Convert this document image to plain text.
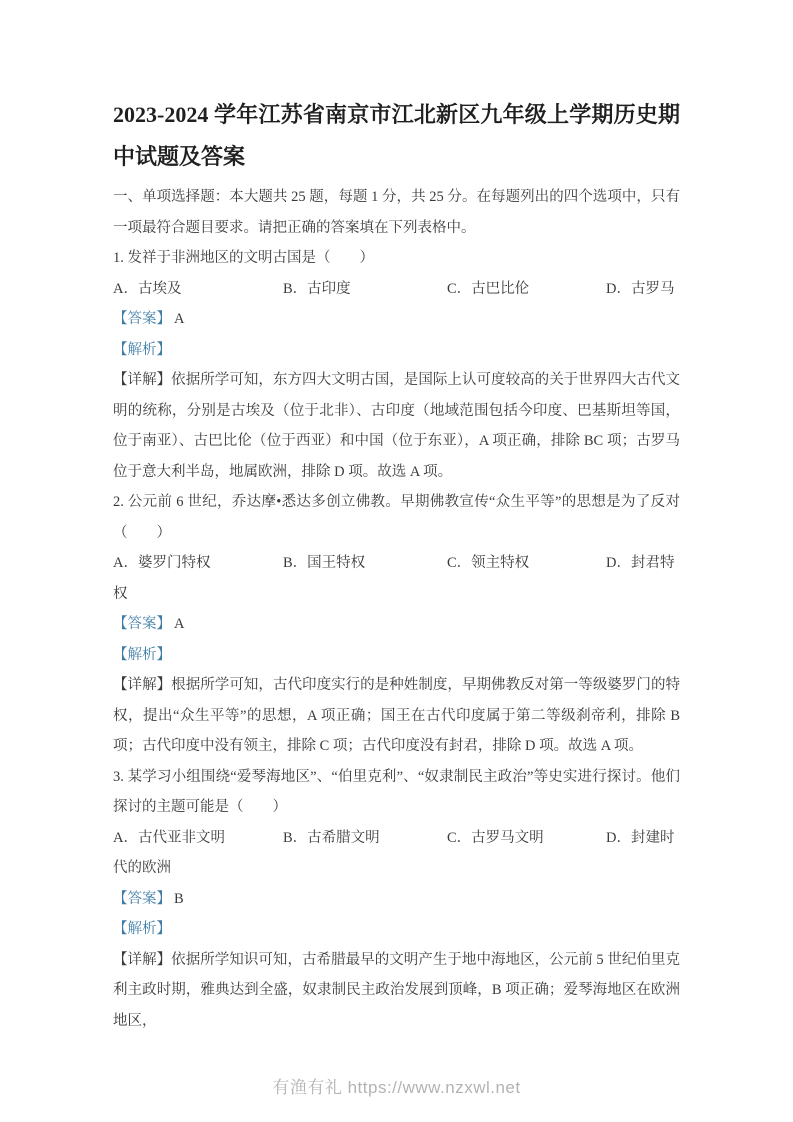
2023-2024 学年江苏省南京市江北新区九年级上学期历史期中试题及答案

一、单项选择题：本大题共 25 题，每题 1 分，共 25 分。在每题列出的四个选项中，只有一项最符合题目要求。请把正确的答案填在下列表格中。

1. 发祥于非洲地区的文明古国是（　　）

A．古埃及	B．古印度	C．古巴比伦	D．古罗马

【答案】 A

【解析】

【详解】依据所学可知，东方四大文明古国，是国际上认可度较高的关于世界四大古代文明的统称，分别是古埃及（位于北非）、古印度（地域范围包括今印度、巴基斯坦等国，位于南亚）、古巴比伦（位于西亚）和中国（位于东亚），A 项正确，排除 BC 项；古罗马位于意大利半岛，地属欧洲，排除 D 项。故选 A 项。

2. 公元前 6 世纪，乔达摩•悉达多创立佛教。早期佛教宣传“众生平等”的思想是为了反对（　　）

A．婆罗门特权	B．国王特权	C．领主特权	D．封君特

权

【答案】 A

【解析】

【详解】根据所学可知，古代印度实行的是种姓制度，早期佛教反对第一等级婆罗门的特权，提出“众生平等”的思想，A 项正确；国王在古代印度属于第二等级刹帝利，排除 B 项；古代印度中没有领主，排除 C 项；古代印度没有封君，排除 D 项。故选 A 项。

3. 某学习小组围绕“爱琴海地区”、“伯里克利”、“奴隶制民主政治”等史实进行探讨。他们探讨的主题可能是（　　）

A．古代亚非文明	B．古希腊文明	C．古罗马文明	D．封建时

代的欧洲

【答案】 B

【解析】

【详解】依据所学知识可知，古希腊最早的文明产生于地中海地区，公元前 5 世纪伯里克利主政时期，雅典达到全盛，奴隶制民主政治发展到顶峰，B 项正确；爱琴海地区在欧洲地区，

有渔有礼 https://www.nzxwl.net
